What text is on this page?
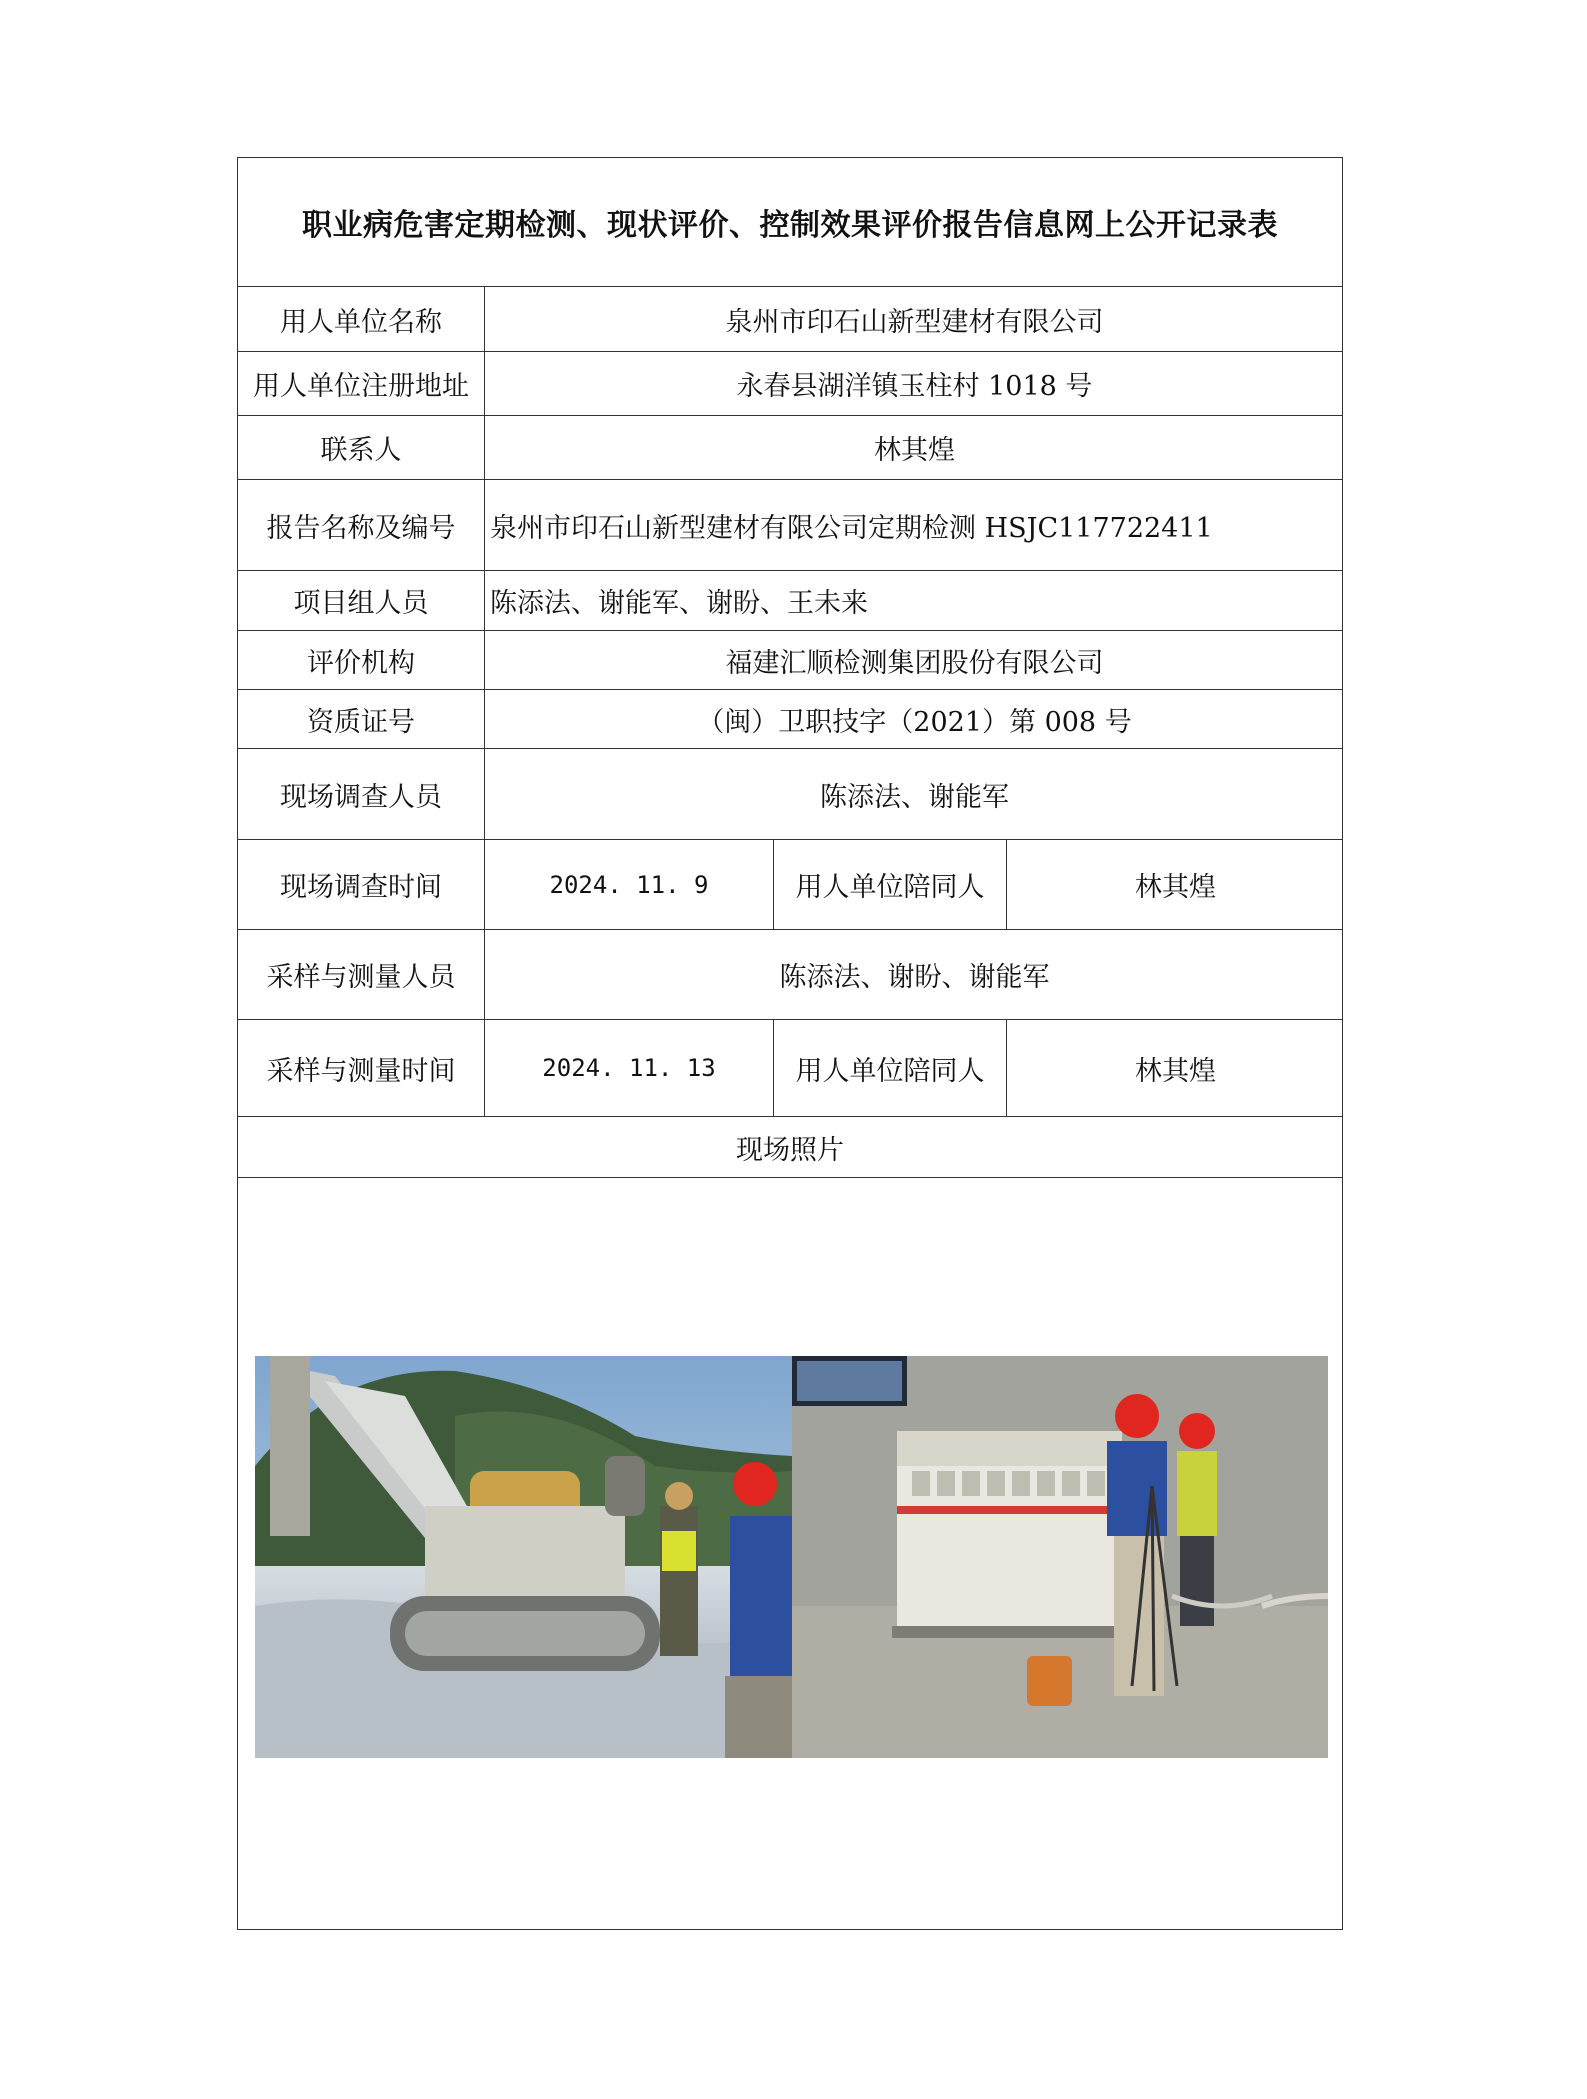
职业病危害定期检测、现状评价、控制效果评价报告信息网上公开记录表
用人单位名称	泉州市印石山新型建材有限公司
用人单位注册地址	永春县湖洋镇玉柱村 1018 号
联系人	林其煌
报告名称及编号	泉州市印石山新型建材有限公司定期检测 HSJC117722411
项目组人员	陈添法、谢能军、谢盼、王未来
评价机构	福建汇顺检测集团股份有限公司
资质证号	（闽）卫职技字（2021）第 008 号
现场调查人员	陈添法、谢能军
现场调查时间	2024. 11. 9	用人单位陪同人	林其煌
采样与测量人员	陈添法、谢盼、谢能军
采样与测量时间	2024. 11. 13	用人单位陪同人	林其煌
现场照片
